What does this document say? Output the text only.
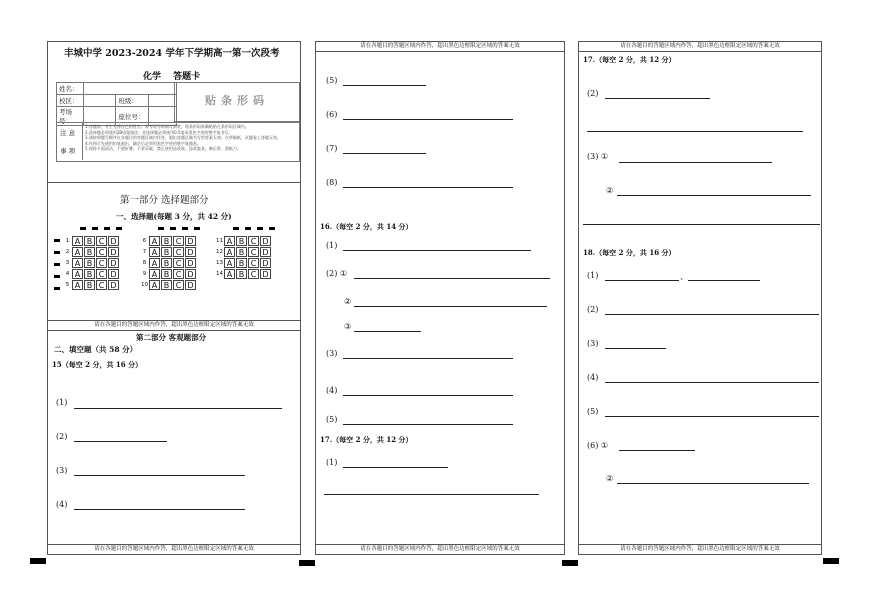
丰城中学 2023-2024 学年下学期高一第一次段考
化学　 答题卡
姓名：			
校区：		班级：	
考场号：		座位号：	
贴条形码
注 意
事 项
1.答题前，考生先将自己的姓名、准考证号码填写清楚，将条形码准确粘贴在条形码区域内。
2.选择题必须使用2B铅笔填涂；非选择题必须使用0.5毫米黑色字迹的签字笔书写。
3.请按照题号顺序在各题目的答题区域内作答，超出答题区域书写的答案无效；在草稿纸、试题卷上答题无效。
4.作图可先使用铅笔画出，确定后必须用黑色字迹的签字笔描黑。
5.保持卡面清洁，不要折叠，不要弄破，禁止使用涂改液、涂改胶条、修正带、刮纸刀。
第一部分 选择题部分
一、选择题(每题 3 分，共 42 分)
1 A B C D
2 A B C D
3 A B C D
4 A B C D
5 A B C D
6 A B C D
7 A B C D
8 A B C D
9 A B C D
10 A B C D
11 A B C D
12 A B C D
13 A B C D
14 A B C D
请在各题目的答题区域内作答，超出黑色边框限定区域的答案无效
第二部分 客观题部分
二、填空题（共 58 分）
15（每空 2 分，共 16 分）
(1)
(2)
(3)
(4)
请在各题目的答题区域内作答，超出黑色边框限定区域的答案无效
请在各题目的答题区域内作答，超出黑色边框限定区域的答案无效
(5)
(6)
(7)
(8)
16.（每空 2 分，共 14 分）
(1)
(2) ①
②
③
(3)
(4)
(5)
17.（每空 2 分，共 12 分）
(1)
请在各题目的答题区域内作答，超出黑色边框限定区域的答案无效
请在各题目的答题区域内作答，超出黑色边框限定区域的答案无效
17.（每空 2 分，共 12 分）
(2)
(3) ①
②
18.（每空 2 分，共 16 分）
(1)	、
(2)
(3)
(4)
(5)
(6) ①
②
请在各题目的答题区域内作答，超出黑色边框限定区域的答案无效
